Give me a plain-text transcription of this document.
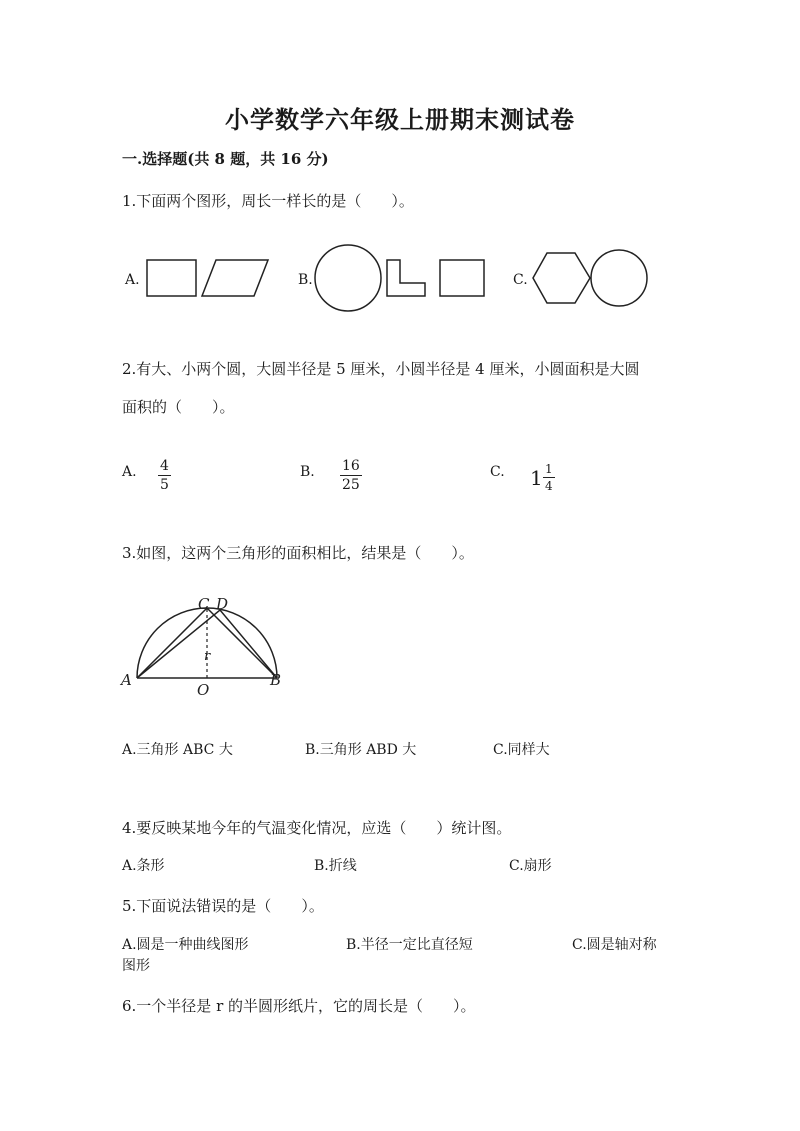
小学数学六年级上册期末测试卷
一.选择题(共 8 题，共 16 分)
1.下面两个图形，周长一样长的是（　　）。
A.	B.	C.
2.有大、小两个圆，大圆半径是 5 厘米，小圆半径是 4 厘米，小圆面积是大圆
面积的（　　）。
A. $\frac{4}{5}$	B. $\frac{16}{25}$	C. $1 \frac{1}{4}$
3.如图，这两个三角形的面积相比，结果是（　　）。
C D
A	B
O
r
A.三角形 ABC 大	B.三角形 ABD 大	C.同样大
4.要反映某地今年的气温变化情况，应选（　　）统计图。
A.条形	B.折线	C.扇形
5.下面说法错误的是（　　）。
A.圆是一种曲线图形	B.半径一定比直径短	C.圆是轴对称
图形
6.一个半径是 r 的半圆形纸片，它的周长是（　　）。
